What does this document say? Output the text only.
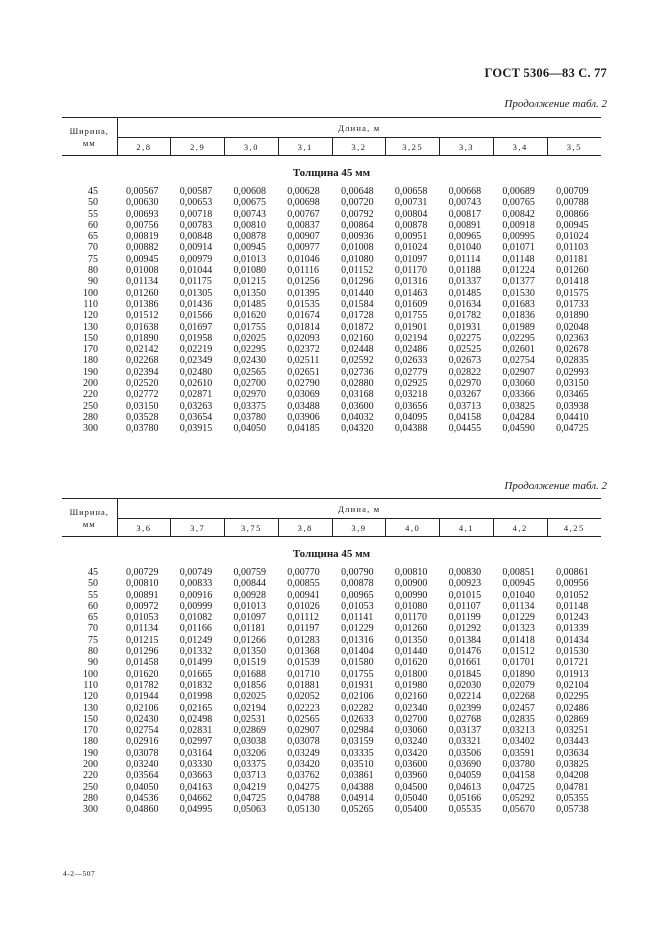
ГОСТ 5306—83 С. 77
Продолжение табл. 2
Ширина, мм	Длина, м								
	2,8	2,9	3,0	3,1	3,2	3,25	3,3	3,4	3,5
Толщина 45 мм									
45	0,00567	0,00587	0,00608	0,00628	0,00648	0,00658	0,00668	0,00689	0,00709
50	0,00630	0,00653	0,00675	0,00698	0,00720	0,00731	0,00743	0,00765	0,00788
55	0,00693	0,00718	0,00743	0,00767	0,00792	0,00804	0,00817	0,00842	0,00866
60	0,00756	0,00783	0,00810	0,00837	0,00864	0,00878	0,00891	0,00918	0,00945
65	0,00819	0,00848	0,00878	0,00907	0,00936	0,00951	0,00965	0,00995	0,01024
70	0,00882	0,00914	0,00945	0,00977	0,01008	0,01024	0,01040	0,01071	0,01103
75	0,00945	0,00979	0,01013	0,01046	0,01080	0,01097	0,01114	0,01148	0,01181
80	0,01008	0,01044	0,01080	0,01116	0,01152	0,01170	0,01188	0,01224	0,01260
90	0,01134	0,01175	0,01215	0,01256	0,01296	0,01316	0,01337	0,01377	0,01418
100	0,01260	0,01305	0,01350	0,01395	0,01440	0,01463	0,01485	0,01530	0,01575
110	0,01386	0,01436	0,01485	0,01535	0,01584	0,01609	0,01634	0,01683	0,01733
120	0,01512	0,01566	0,01620	0,01674	0,01728	0,01755	0,01782	0,01836	0,01890
130	0,01638	0,01697	0,01755	0,01814	0,01872	0,01901	0,01931	0,01989	0,02048
150	0,01890	0,01958	0,02025	0,02093	0,02160	0,02194	0,02275	0,02295	0,02363
170	0,02142	0,02219	0,02295	0,02372	0,02448	0,02486	0,02525	0,02601	0,02678
180	0,02268	0,02349	0,02430	0,02511	0,02592	0,02633	0,02673	0,02754	0,02835
190	0,02394	0,02480	0,02565	0,02651	0,02736	0,02779	0,02822	0,02907	0,02993
200	0,02520	0,02610	0,02700	0,02790	0,02880	0,02925	0,02970	0,03060	0,03150
220	0,02772	0,02871	0,02970	0,03069	0,03168	0,03218	0,03267	0,03366	0,03465
250	0,03150	0,03263	0,03375	0,03488	0,03600	0,03656	0,03713	0,03825	0,03938
280	0,03528	0,03654	0,03780	0,03906	0,04032	0,04095	0,04158	0,04284	0,04410
300	0,03780	0,03915	0,04050	0,04185	0,04320	0,04388	0,04455	0,04590	0,04725
Продолжение табл. 2
Ширина, мм	Длина, м								
	3,6	3,7	3,75	3,8	3,9	4,0	4,1	4,2	4,25
Толщина 45 мм									
45	0,00729	0,00749	0,00759	0,00770	0,00790	0,00810	0,00830	0,00851	0,00861
50	0,00810	0,00833	0,00844	0,00855	0,00878	0,00900	0,00923	0,00945	0,00956
55	0,00891	0,00916	0,00928	0,00941	0,00965	0,00990	0,01015	0,01040	0,01052
60	0,00972	0,00999	0,01013	0,01026	0,01053	0,01080	0,01107	0,01134	0,01148
65	0,01053	0,01082	0,01097	0,01112	0,01141	0,01170	0,01199	0,01229	0,01243
70	0,01134	0,01166	0,01181	0,01197	0,01229	0,01260	0,01292	0,01323	0,01339
75	0,01215	0,01249	0,01266	0,01283	0,01316	0,01350	0,01384	0,01418	0,01434
80	0,01296	0,01332	0,01350	0,01368	0,01404	0,01440	0,01476	0,01512	0,01530
90	0,01458	0,01499	0,01519	0,01539	0,01580	0,01620	0,01661	0,01701	0,01721
100	0,01620	0,01665	0,01688	0,01710	0,01755	0,01800	0,01845	0,01890	0,01913
110	0,01782	0,01832	0,01856	0,01881	0,01931	0,01980	0,02030	0,02079	0,02104
120	0,01944	0,01998	0,02025	0,02052	0,02106	0,02160	0,02214	0,02268	0,02295
130	0,02106	0,02165	0,02194	0,02223	0,02282	0,02340	0,02399	0,02457	0,02486
150	0,02430	0,02498	0,02531	0,02565	0,02633	0,02700	0,02768	0,02835	0,02869
170	0,02754	0,02831	0,02869	0,02907	0,02984	0,03060	0,03137	0,03213	0,03251
180	0,02916	0,02997	0,03038	0,03078	0,03159	0,03240	0,03321	0,03402	0,03443
190	0,03078	0,03164	0,03206	0,03249	0,03335	0,03420	0,03506	0,03591	0,03634
200	0,03240	0,03330	0,03375	0,03420	0,03510	0,03600	0,03690	0,03780	0,03825
220	0,03564	0,03663	0,03713	0,03762	0,03861	0,03960	0,04059	0,04158	0,04208
250	0,04050	0,04163	0,04219	0,04275	0,04388	0,04500	0,04613	0,04725	0,04781
280	0,04536	0,04662	0,04725	0,04788	0,04914	0,05040	0,05166	0,05292	0,05355
300	0,04860	0,04995	0,05063	0,05130	0,05265	0,05400	0,05535	0,05670	0,05738
4-2—507
